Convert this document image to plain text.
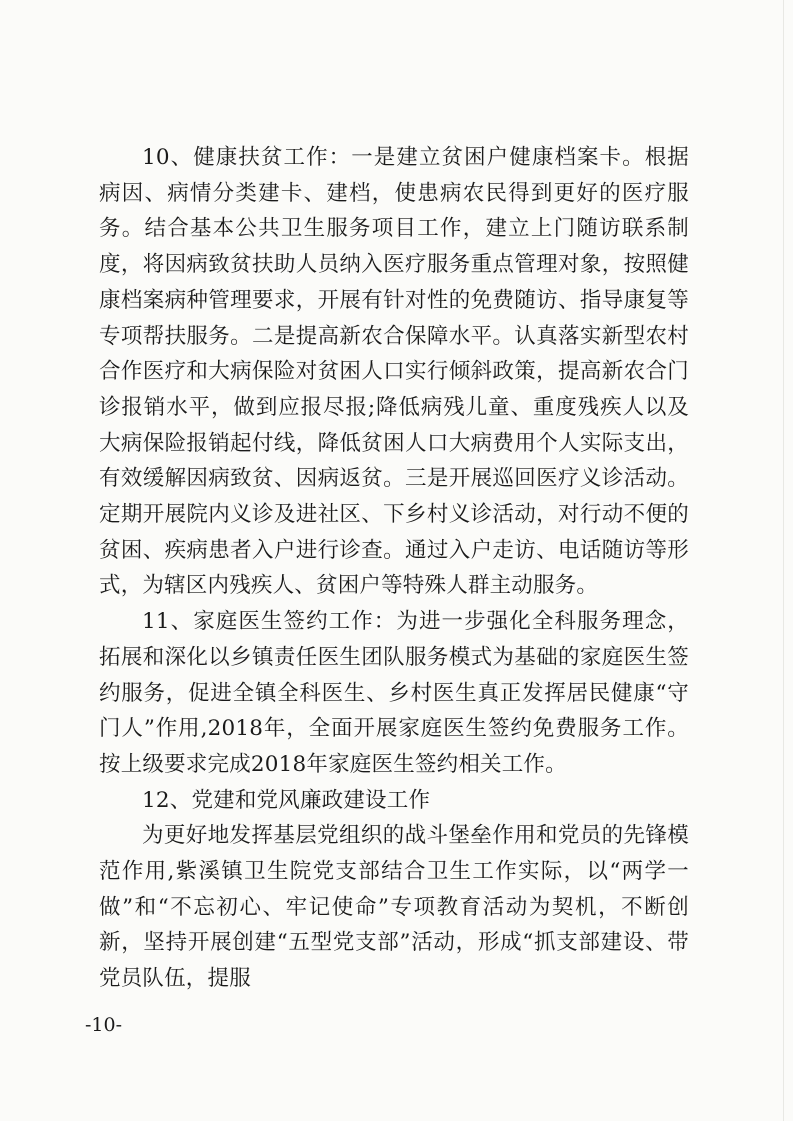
10、健康扶贫工作：一是建立贫困户健康档案卡。根据病因、病情分类建卡、建档，使患病农民得到更好的医疗服务。结合基本公共卫生服务项目工作，建立上门随访联系制度，将因病致贫扶助人员纳入医疗服务重点管理对象，按照健康档案病种管理要求，开展有针对性的免费随访、指导康复等专项帮扶服务。二是提高新农合保障水平。认真落实新型农村合作医疗和大病保险对贫困人口实行倾斜政策，提高新农合门诊报销水平，做到应报尽报;降低病残儿童、重度残疾人以及大病保险报销起付线，降低贫困人口大病费用个人实际支出，有效缓解因病致贫、因病返贫。三是开展巡回医疗义诊活动。定期开展院内义诊及进社区、下乡村义诊活动，对行动不便的贫困、疾病患者入户进行诊查。通过入户走访、电话随访等形式，为辖区内残疾人、贫困户等特殊人群主动服务。

11、家庭医生签约工作：为进一步强化全科服务理念，拓展和深化以乡镇责任医生团队服务模式为基础的家庭医生签约服务，促进全镇全科医生、乡村医生真正发挥居民健康“守门人”作用,2018年，全面开展家庭医生签约免费服务工作。按上级要求完成2018年家庭医生签约相关工作。

12、党建和党风廉政建设工作

为更好地发挥基层党组织的战斗堡垒作用和党员的先锋模范作用,紫溪镇卫生院党支部结合卫生工作实际，以“两学一做”和“不忘初心、牢记使命”专项教育活动为契机，不断创新，坚持开展创建“五型党支部”活动，形成“抓支部建设、带党员队伍，提服

-10-
